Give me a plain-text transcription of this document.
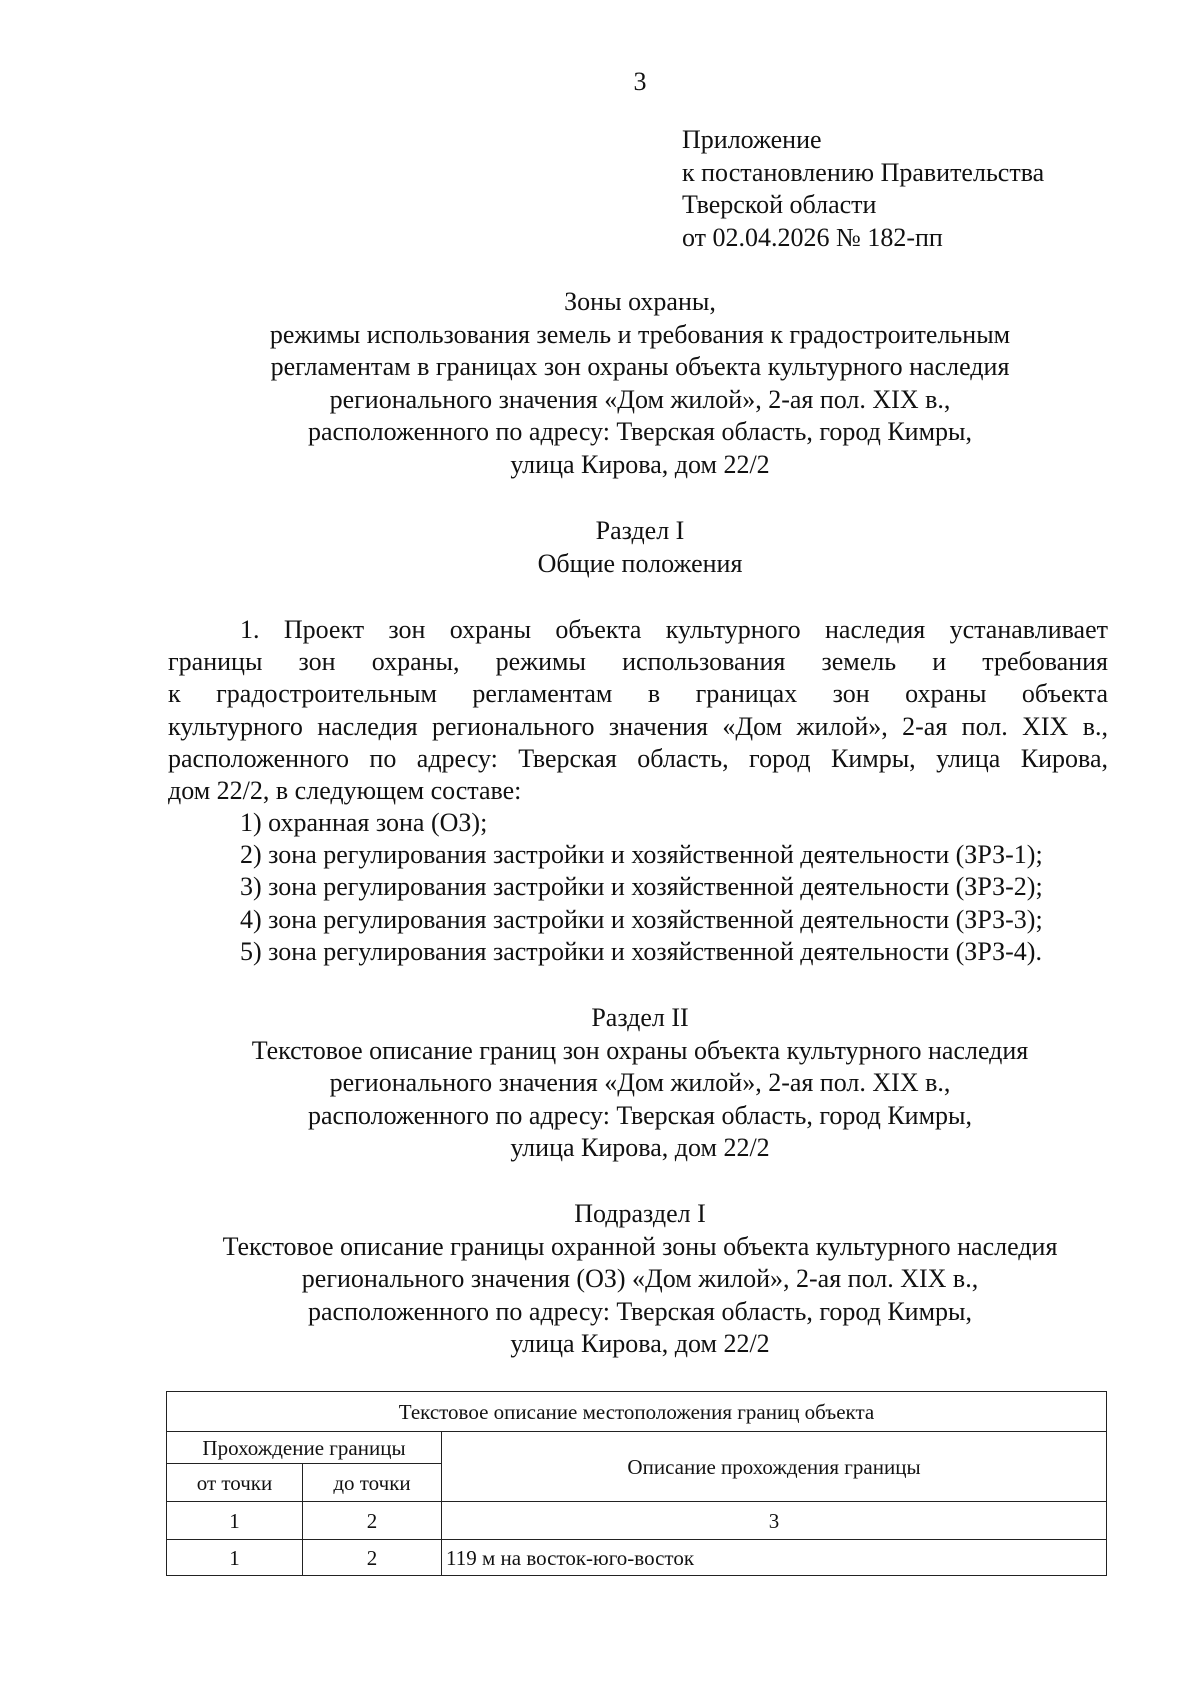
3
Приложение
к постановлению Правительства
Тверской области
от 02.04.2026 № 182-пп
Зоны охраны,
режимы использования земель и требования к градостроительным
регламентам в границах зон охраны объекта культурного наследия
регионального значения «Дом жилой», 2-ая пол. XIX в.,
расположенного по адресу: Тверская область, город Кимры,
улица Кирова, дом 22/2
Раздел I
Общие положения
1. Проект зон охраны объекта культурного наследия устанавливает
границы зон охраны, режимы использования земель и требования
к градостроительным регламентам в границах зон охраны объекта
культурного наследия регионального значения «Дом жилой», 2-ая пол. XIX в.,
расположенного по адресу: Тверская область, город Кимры, улица Кирова,
дом 22/2, в следующем составе:
1) охранная зона (ОЗ);
2) зона регулирования застройки и хозяйственной деятельности (ЗРЗ-1);
3) зона регулирования застройки и хозяйственной деятельности (ЗРЗ-2);
4) зона регулирования застройки и хозяйственной деятельности (ЗРЗ-3);
5) зона регулирования застройки и хозяйственной деятельности (ЗРЗ-4).
Раздел II
Текстовое описание границ зон охраны объекта культурного наследия
регионального значения «Дом жилой», 2-ая пол. XIX в.,
расположенного по адресу: Тверская область, город Кимры,
улица Кирова, дом 22/2
Подраздел I
Текстовое описание границы охранной зоны объекта культурного наследия
регионального значения (ОЗ) «Дом жилой», 2-ая пол. XIX в.,
расположенного по адресу: Тверская область, город Кимры,
улица Кирова, дом 22/2
Текстовое описание местоположения границ объекта		
Прохождение границы		Описание прохождения границы
от точки	до точки	
1	2	3
1	2	119 м на восток-юго-восток
